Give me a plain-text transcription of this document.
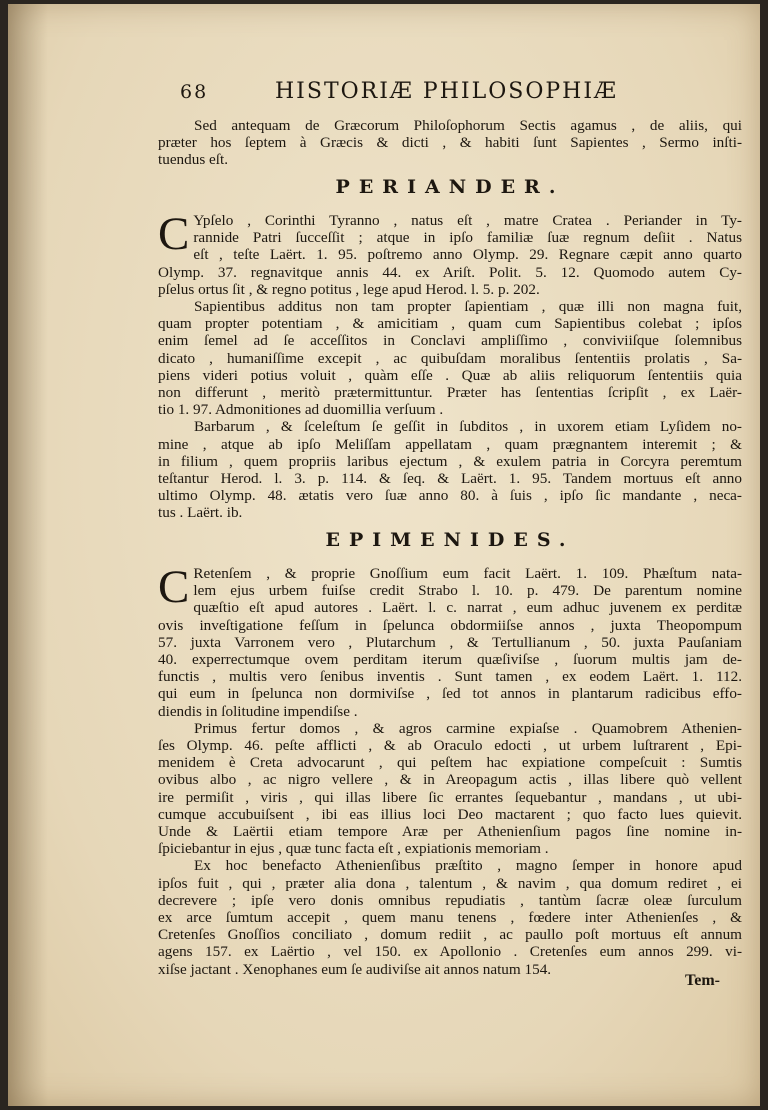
68	HISTORIÆ PHILOSOPHIÆ
Sed antequam de Græcorum Philoſophorum Sectis agamus , de aliis, qui
præter hos ſeptem à Græcis & dicti , & habiti ſunt Sapientes , Sermo inſti-
tuendus eſt.
PERIANDER.
C Ypſelo , Corinthi Tyranno , natus eſt , matre Cratea . Periander in Ty-
rannide Patri ſucceſſit ; atque in ipſo familiæ ſuæ regnum deſiit . Natus
eſt , teſte Laërt. 1. 95. poſtremo anno Olymp. 29. Regnare cæpit anno quarto
Olymp. 37. regnavitque annis 44. ex Ariſt. Polit. 5. 12. Quomodo autem Cy-
pſelus ortus ſit , & regno potitus , lege apud Herod. l. 5. p. 202.
Sapientibus additus non tam propter ſapientiam , quæ illi non magna fuit,
quam propter potentiam , & amicitiam , quam cum Sapientibus colebat ; ipſos
enim ſemel ad ſe acceſſitos in Conclavi ampliſſimo , conviviiſque ſolemnibus
dicato , humaniſſime excepit , ac quibuſdam moralibus ſententiis prolatis , Sa-
piens videri potius voluit , quàm eſſe . Quæ ab aliis reliquorum ſententiis quia
non differunt , meritò prætermittuntur. Præter has ſententias ſcripſit , ex Laër-
tio 1. 97. Admonitiones ad duomillia verſuum .
Barbarum , & ſceleſtum ſe geſſit in ſubditos , in uxorem etiam Lyſidem no-
mine , atque ab ipſo Meliſſam appellatam , quam prægnantem interemit ; &
in filium , quem propriis laribus ejectum , & exulem patria in Corcyra peremtum
teſtantur Herod. l. 3. p. 114. & ſeq. & Laërt. 1. 95. Tandem mortuus eſt anno
ultimo Olymp. 48. ætatis vero ſuæ anno 80. à ſuis , ipſo ſic mandante , neca-
tus . Laërt. ib.
EPIMENIDES.
C Retenſem , & proprie Gnoſſium eum facit Laërt. 1. 109. Phæſtum nata-
lem ejus urbem fuiſse credit Strabo l. 10. p. 479. De parentum nomine
quæſtio eſt apud autores . Laërt. l. c. narrat , eum adhuc juvenem ex perditæ
ovis inveſtigatione feſſum in ſpelunca obdormiiſse annos , juxta Theopompum
57. juxta Varronem vero , Plutarchum , & Tertullianum , 50. juxta Pauſaniam
40. experrectumque ovem perditam iterum quæſiviſse , ſuorum multis jam de-
functis , multis vero ſenibus inventis . Sunt tamen , ex eodem Laërt. 1. 112.
qui eum in ſpelunca non dormiviſse , ſed tot annos in plantarum radicibus effo-
diendis in ſolitudine impendiſse .
Primus fertur domos , & agros carmine expiaſse . Quamobrem Athenien-
ſes Olymp. 46. peſte afflicti , & ab Oraculo edocti , ut urbem luſtrarent , Epi-
menidem è Creta advocarunt , qui peſtem hac expiatione compeſcuit : Sumtis
ovibus albo , ac nigro vellere , & in Areopagum actis , illas libere quò vellent
ire permiſit , viris , qui illas libere ſic errantes ſequebantur , mandans , ut ubi-
cumque accubuiſsent , ibi eas illius loci Deo mactarent ; quo facto lues quievit.
Unde & Laërtii etiam tempore Aræ per Athenienſium pagos ſine nomine in-
ſpiciebantur in ejus , quæ tunc facta eſt , expiationis memoriam .
Ex hoc benefacto Athenienſibus præſtito , magno ſemper in honore apud
ipſos fuit , qui , præter alia dona , talentum , & navim , qua domum rediret , ei
decrevere ; ipſe vero donis omnibus repudiatis , tantùm ſacræ oleæ ſurculum
ex arce ſumtum accepit , quem manu tenens , fœdere inter Athenienſes , &
Cretenſes Gnoſſios conciliato , domum rediit , ac paullo poſt mortuus eſt annum
agens 157. ex Laërtio , vel 150. ex Apollonio . Cretenſes eum annos 299. vi-
xiſse jactant . Xenophanes eum ſe audiviſse ait annos natum 154.
Tem-
